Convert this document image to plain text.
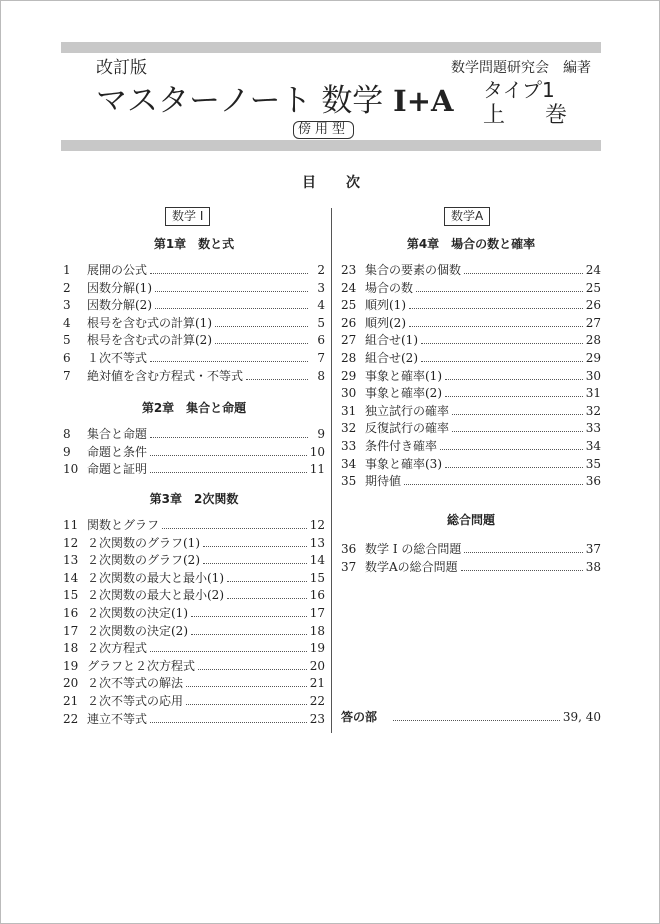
改訂版	数学問題研究会　編著
マスターノート 数学 I+A タイプ1
上 巻
傍用型
目次
数学 I	数学A
第1章　数と式
1	展開の公式	2
2	因数分解(1)	3
3	因数分解(2)	4
4	根号を含む式の計算(1)	5
5	根号を含む式の計算(2)	6
6	１次不等式	7
7	絶対値を含む方程式・不等式	8
第2章　集合と命題
8	集合と命題	9
9	命題と条件	10
10 命題と証明	11
第3章　2次関数
11 関数とグラフ	12
12 ２次関数のグラフ(1)	13
13 ２次関数のグラフ(2)	14
14 ２次関数の最大と最小(1)	15
15 ２次関数の最大と最小(2)	16
16 ２次関数の決定(1)	17
17 ２次関数の決定(2)	18
18 ２次方程式	19
19 グラフと２次方程式	20
20 ２次不等式の解法	21
21 ２次不等式の応用	22
22 連立不等式	23
第4章　場合の数と確率
23 集合の要素の個数	24
24 場合の数	25
25 順列(1)	26
26 順列(2)	27
27 組合せ(1)	28
28 組合せ(2)	29
29 事象と確率(1)	30
30 事象と確率(2)	31
31 独立試行の確率	32
32 反復試行の確率	33
33 条件付き確率	34
34 事象と確率(3)	35
35 期待値	36
総合問題
36 数学 I の総合問題	37
37 数学Aの総合問題	38
答の部	39, 40
